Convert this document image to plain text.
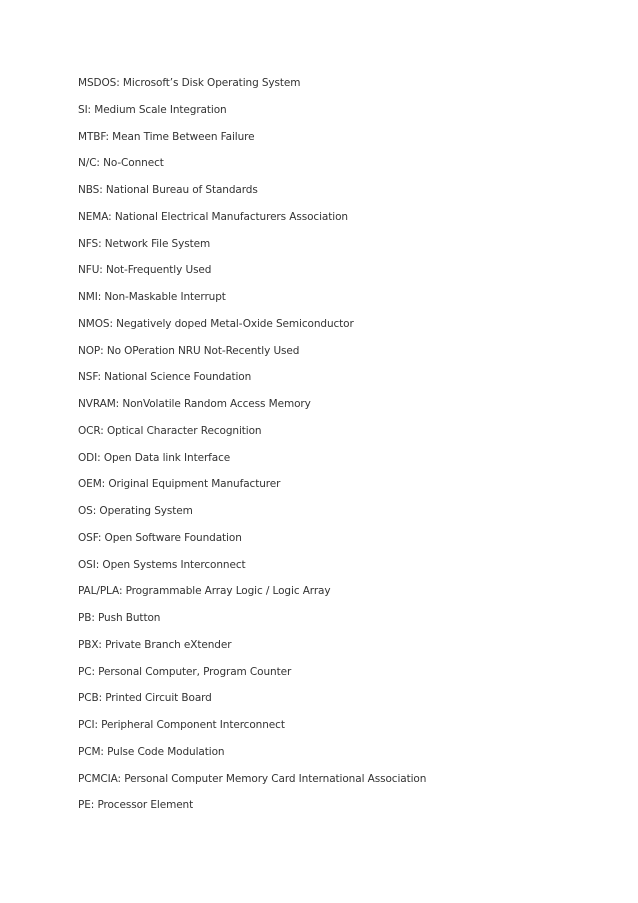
MSDOS: Microsoft’s Disk Operating System
SI: Medium Scale Integration
MTBF: Mean Time Between Failure
N/C: No-Connect
NBS: National Bureau of Standards
NEMA: National Electrical Manufacturers Association
NFS: Network File System
NFU: Not-Frequently Used
NMI: Non-Maskable Interrupt
NMOS: Negatively doped Metal-Oxide Semiconductor
NOP: No OPeration NRU Not-Recently Used
NSF: National Science Foundation
NVRAM: NonVolatile Random Access Memory
OCR: Optical Character Recognition
ODI: Open Data link Interface
OEM: Original Equipment Manufacturer
OS: Operating System
OSF: Open Software Foundation
OSI: Open Systems Interconnect
PAL/PLA: Programmable Array Logic / Logic Array
PB: Push Button
PBX: Private Branch eXtender
PC: Personal Computer, Program Counter
PCB: Printed Circuit Board
PCI: Peripheral Component Interconnect
PCM: Pulse Code Modulation
PCMCIA: Personal Computer Memory Card International Association
PE: Processor Element
